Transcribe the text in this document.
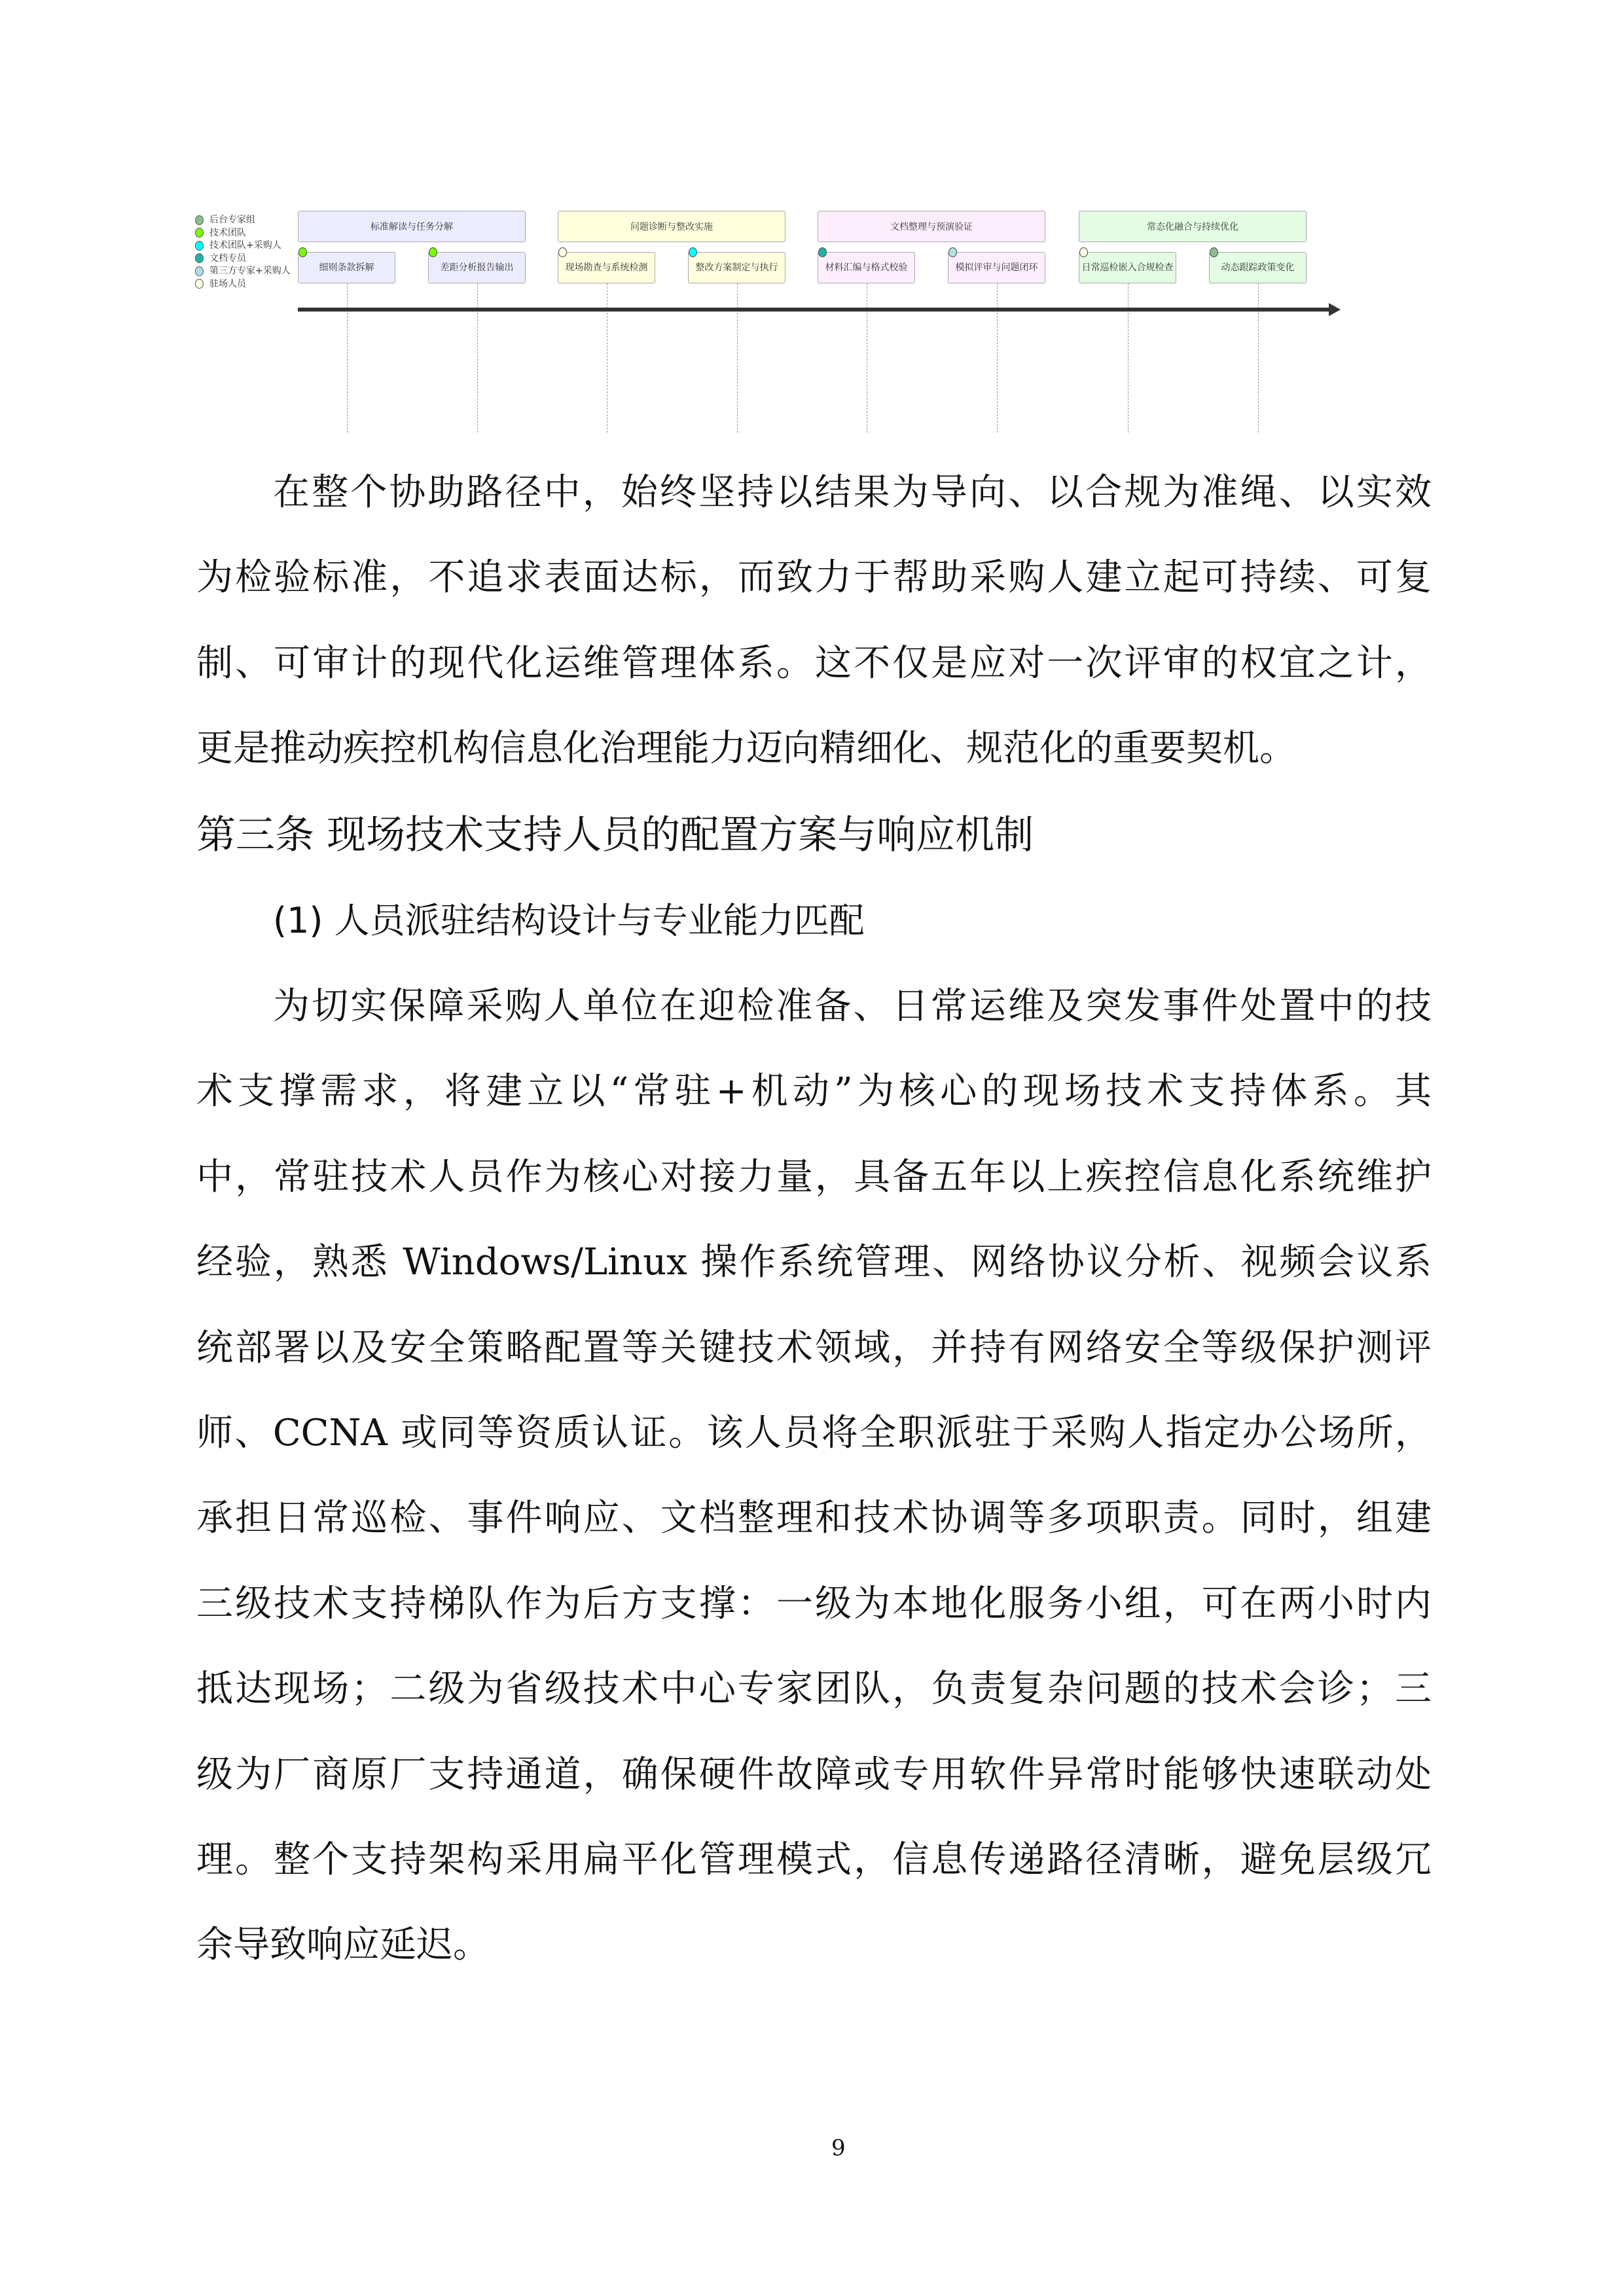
后台专家组
技术团队
技术团队+采购人
文档专员
第三方专家+采购人
驻场人员
标准解读与任务分解
细则条款拆解	差距分析报告输出
问题诊断与整改实施
现场勘查与系统检测	整改方案制定与执行
文档整理与预演验证
材料汇编与格式校验	模拟评审与问题闭环
常态化融合与持续优化
日常巡检嵌入合规检查	动态跟踪政策变化
在整个协助路径中，始终坚持以结果为导向、以合规为准绳、以实效
为检验标准，不追求表面达标，而致力于帮助采购人建立起可持续、可复
制、可审计的现代化运维管理体系。这不仅是应对一次评审的权宜之计，
更是推动疾控机构信息化治理能力迈向精细化、规范化的重要契机。
第三条 现场技术支持人员的配置方案与响应机制
(1) 人员派驻结构设计与专业能力匹配
为切实保障采购人单位在迎检准备、日常运维及突发事件处置中的技
术支撑需求，将建立以“常驻+机动”为核心的现场技术支持体系。其
中，常驻技术人员作为核心对接力量，具备五年以上疾控信息化系统维护
经验，熟悉 Windows/Linux 操作系统管理、网络协议分析、视频会议系
统部署以及安全策略配置等关键技术领域，并持有网络安全等级保护测评
师、CCNA 或同等资质认证。该人员将全职派驻于采购人指定办公场所，
承担日常巡检、事件响应、文档整理和技术协调等多项职责。同时，组建
三级技术支持梯队作为后方支撑：一级为本地化服务小组，可在两小时内
抵达现场；二级为省级技术中心专家团队，负责复杂问题的技术会诊；三
级为厂商原厂支持通道，确保硬件故障或专用软件异常时能够快速联动处
理。整个支持架构采用扁平化管理模式，信息传递路径清晰，避免层级冗
余导致响应延迟。
9
